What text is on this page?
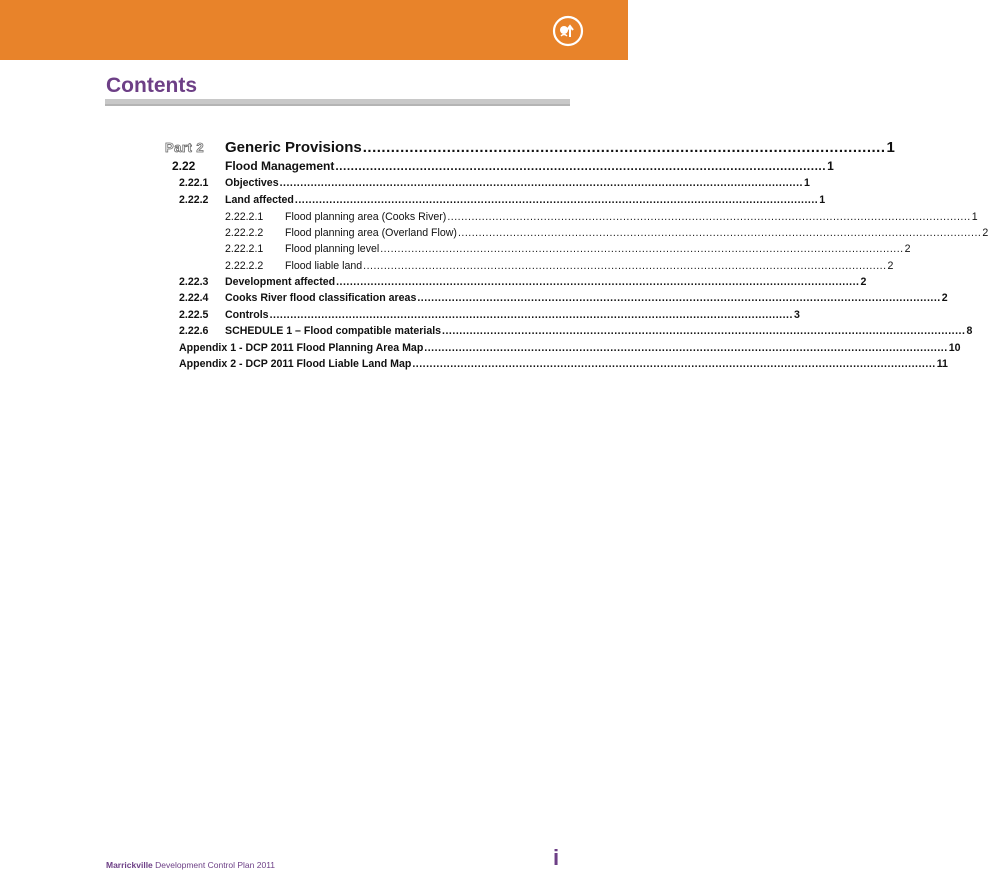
Contents
Part 2	Generic Provisions ................................................................................................................ 1
2.22	Flood Management ................................................................................................................................ 1
2.22.1	Objectives ........................................................................................................................................................ 1
2.22.2	Land affected ........................................................................................................................................................ 1
2.22.2.1	Flood planning area (Cooks River) ........................................................................................................................................................ 1
2.22.2.2	Flood planning area (Overland Flow) ........................................................................................................................................................ 2
2.22.2.1	Flood planning level ........................................................................................................................................................ 2
2.22.2.2	Flood liable land ........................................................................................................................................................ 2
2.22.3	Development affected ........................................................................................................................................................ 2
2.22.4	Cooks River flood classification areas ........................................................................................................................................................ 2
2.22.5	Controls ........................................................................................................................................................ 3
2.22.6	SCHEDULE 1 – Flood compatible materials ........................................................................................................................................................ 8
Appendix 1 - DCP 2011 Flood Planning Area Map ........................................................................................................................................................ 10
Appendix 2 - DCP 2011 Flood Liable Land Map ........................................................................................................................................................ 11
Marrickville Development Control Plan 2011	i
